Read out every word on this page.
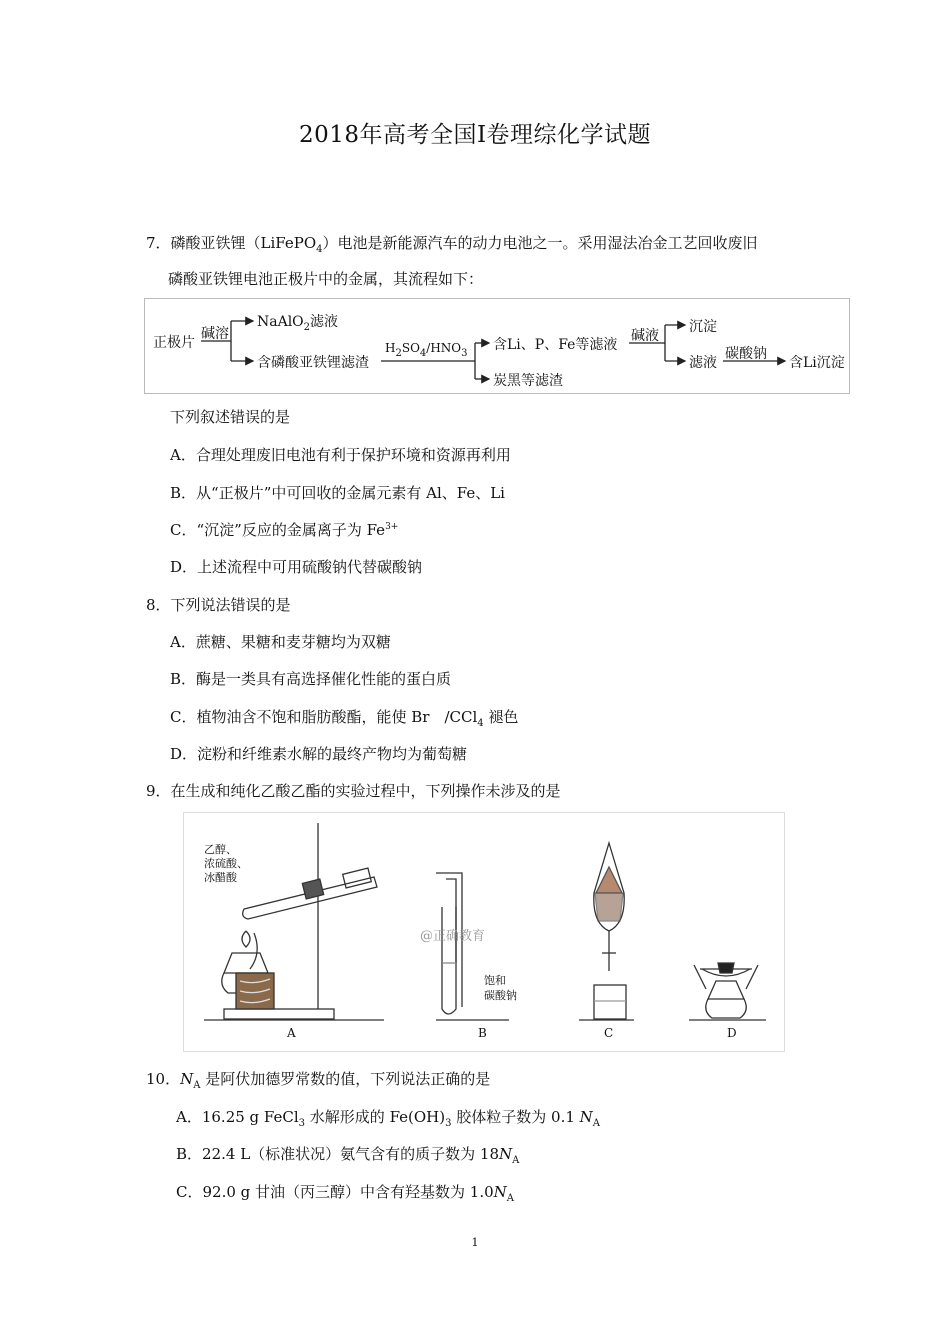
2018年高考全国Ⅰ卷理综化学试题
7．磷酸亚铁锂（LiFePO$_4$）电池是新能源汽车的动力电池之一。采用湿法冶金工艺回收废旧
磷酸亚铁锂电池正极片中的金属，其流程如下：
正极片
碱溶
NaAlO$_2$滤液
含磷酸亚铁锂滤渣
$H_2SO_4/HNO_3$
含Li、P、Fe等滤液
炭黑等滤渣
碱液
沉淀
滤液
碳酸钠
含Li沉淀
下列叙述错误的是
A．合理处理废旧电池有利于保护环境和资源再利用
B．从“正极片”中可回收的金属元素有 Al、Fe、Li
C．“沉淀”反应的金属离子为 $Fe^{3+}$
D．上述流程中可用硫酸钠代替碳酸钠
8．下列说法错误的是
A．蔗糖、果糖和麦芽糖均为双糖
B．酶是一类具有高选择催化性能的蛋白质
C．植物油含不饱和脂肪酸酯，能使 Br　/CCl$_4$ 褪色
D．淀粉和纤维素水解的最终产物均为葡萄糖
9．在生成和纯化乙酸乙酯的实验过程中，下列操作未涉及的是
乙醇、
浓硫酸、
冰醋酸
@正确教育
饱和
碳酸钠
A	B	C	D
10．$N_A$ 是阿伏加德罗常数的值，下列说法正确的是
A．16.25 g FeCl$_3$ 水解形成的 $Fe(OH)_3$ 胶体粒子数为 0.1 $N_A$
B．22.4 L（标准状况）氨气含有的质子数为 $18N_A$
C．92.0 g 甘油（丙三醇）中含有羟基数为 $1.0N_A$
1
